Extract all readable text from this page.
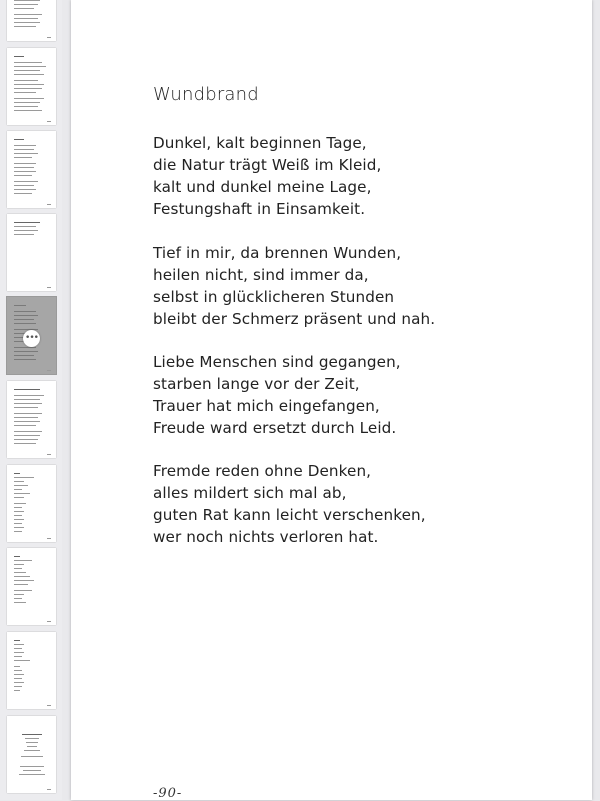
•••
Wundbrand

Dunkel, kalt beginnen Tage,
die Natur trägt Weiß im Kleid,
kalt und dunkel meine Lage,
Festungshaft in Einsamkeit.

Tief in mir, da brennen Wunden,
heilen nicht, sind immer da,
selbst in glücklicheren Stunden
bleibt der Schmerz präsent und nah.

Liebe Menschen sind gegangen,
starben lange vor der Zeit,
Trauer hat mich eingefangen,
Freude ward ersetzt durch Leid.

Fremde reden ohne Denken,
alles mildert sich mal ab,
guten Rat kann leicht verschenken,
wer noch nichts verloren hat.

-90-
